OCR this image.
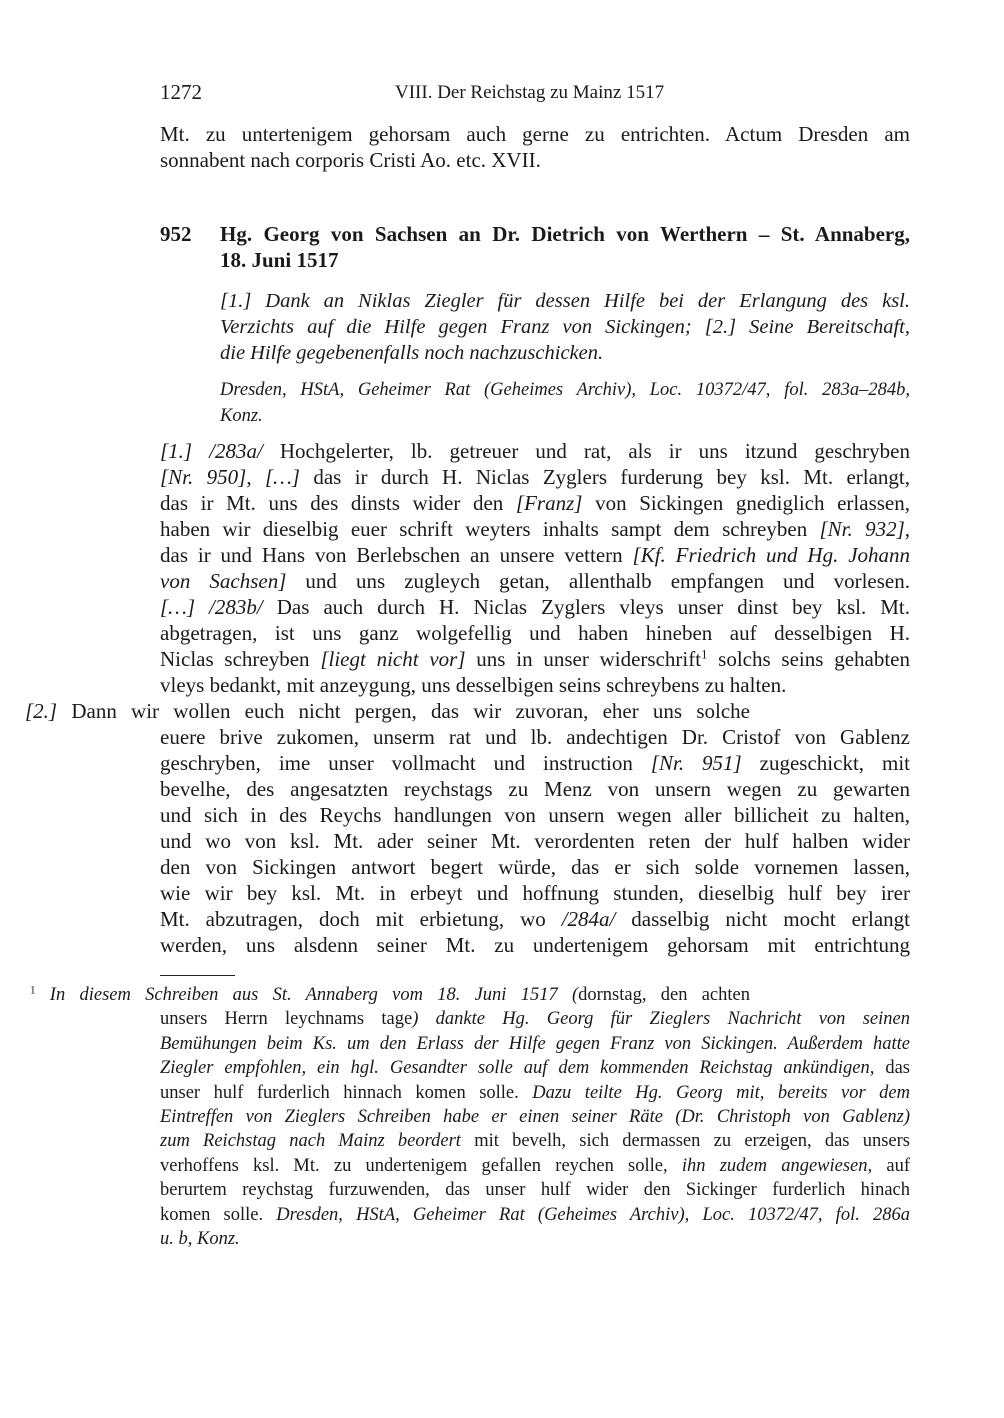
1272	VIII. Der Reichstag zu Mainz 1517
Mt. zu untertenigem gehorsam auch gerne zu entrichten. Actum Dresden am
sonnabent nach corporis Cristi Ao. etc. XVII.
952 Hg. Georg von Sachsen an Dr. Dietrich von Werthern – St. Annaberg,
18. Juni 1517
[1.] Dank an Niklas Ziegler für dessen Hilfe bei der Erlangung des ksl.
Verzichts auf die Hilfe gegen Franz von Sickingen; [2.] Seine Bereitschaft,
die Hilfe gegebenenfalls noch nachzuschicken.
Dresden, HStA, Geheimer Rat (Geheimes Archiv), Loc. 10372/47, fol. 283a–284b,
Konz.
[1.] /283a/ Hochgelerter, lb. getreuer und rat, als ir uns itzund geschryben
[Nr. 950], […] das ir durch H. Niclas Zyglers furderung bey ksl. Mt. erlangt,
das ir Mt. uns des dinsts wider den [Franz] von Sickingen gnediglich erlassen,
haben wir dieselbig euer schrift weyters inhalts sampt dem schreyben [Nr. 932],
das ir und Hans von Berlebschen an unsere vettern [Kf. Friedrich und Hg. Johann
von Sachsen] und uns zugleych getan, allenthalb empfangen und vorlesen.
[…] /283b/ Das auch durch H. Niclas Zyglers vleys unser dinst bey ksl. Mt.
abgetragen, ist uns ganz wolgefellig und haben hineben auf desselbigen H.
Niclas schreyben [liegt nicht vor] uns in unser widerschrift$^1$ solchs seins gehabten
vleys bedankt, mit anzeygung, uns desselbigen seins schreybens zu halten.
[2.] Dann wir wollen euch nicht pergen, das wir zuvoran, eher uns solche
euere brive zukomen, unserm rat und lb. andechtigen Dr. Cristof von Gablenz
geschryben, ime unser vollmacht und instruction [Nr. 951] zugeschickt, mit
bevelhe, des angesatzten reychstags zu Menz von unsern wegen zu gewarten
und sich in des Reychs handlungen von unsern wegen aller billicheit zu halten,
und wo von ksl. Mt. ader seiner Mt. verordenten reten der hulf halben wider
den von Sickingen antwort begert würde, das er sich solde vornemen lassen,
wie wir bey ksl. Mt. in erbeyt und hoffnung stunden, dieselbig hulf bey irer
Mt. abzutragen, doch mit erbietung, wo /284a/ dasselbig nicht mocht erlangt
werden, uns alsdenn seiner Mt. zu undertenigem gehorsam mit entrichtung
$^1$ In diesem Schreiben aus St. Annaberg vom 18. Juni 1517 (dornstag, den achten
unsers Herrn leychnams tage) dankte Hg. Georg für Zieglers Nachricht von seinen
Bemühungen beim Ks. um den Erlass der Hilfe gegen Franz von Sickingen. Außerdem hatte
Ziegler empfohlen, ein hgl. Gesandter solle auf dem kommenden Reichstag ankündigen, das
unser hulf furderlich hinnach komen solle. Dazu teilte Hg. Georg mit, bereits vor dem
Eintreffen von Zieglers Schreiben habe er einen seiner Räte (Dr. Christoph von Gablenz)
zum Reichstag nach Mainz beordert mit bevelh, sich dermassen zu erzeigen, das unsers
verhoffens ksl. Mt. zu undertenigem gefallen reychen solle, ihn zudem angewiesen, auf
berurtem reychstag furzuwenden, das unser hulf wider den Sickinger furderlich hinach
komen solle. Dresden, HStA, Geheimer Rat (Geheimes Archiv), Loc. 10372/47, fol. 286a
u. b, Konz.
